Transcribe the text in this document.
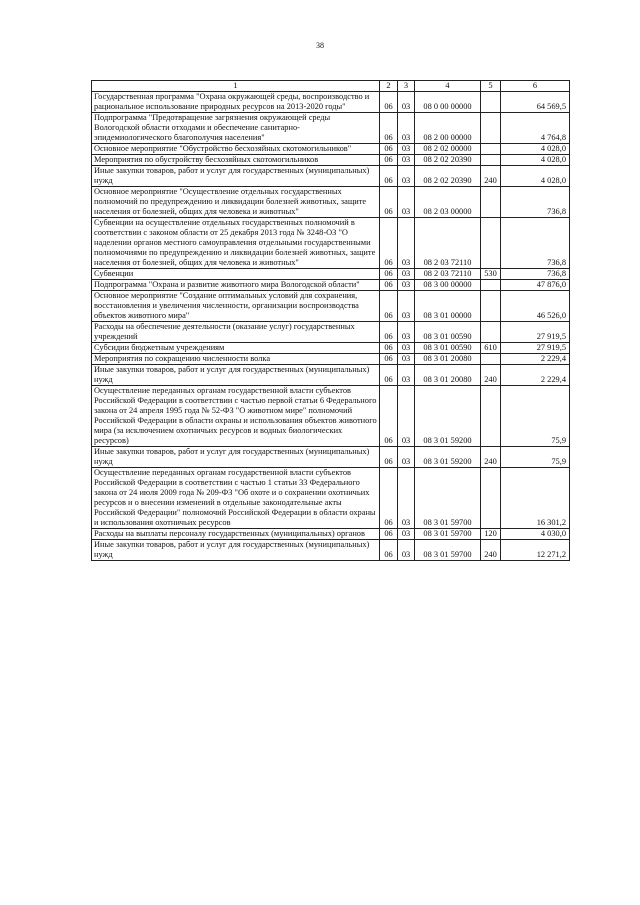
38
1	2	3	4	5	6
Государственная программа "Охрана окружающей среды, воспроизводство и рациональное использование природных ресурсов на 2013-2020 годы"	06	03	08 0 00 00000		64 569,5
Подпрограмма "Предотвращение загрязнения окружающей среды Вологодской области отходами и обеспечение санитарно-эпидемиологического благополучия населения"	06	03	08 2 00 00000		4 764,8
Основное мероприятие "Обустройство бесхозяйных скотомогильников"	06	03	08 2 02 00000		4 028,0
Мероприятия по обустройству бесхозяйных скотомогильников	06	03	08 2 02 20390		4 028,0
Иные закупки товаров, работ и услуг для государственных (муниципальных) нужд	06	03	08 2 02 20390	240	4 028,0
Основное мероприятие "Осуществление отдельных государственных полномочий по предупреждению и ликвидации болезней животных, защите населения от болезней, общих для человека и животных"	06	03	08 2 03 00000		736,8
Субвенции на осуществление отдельных государственных полномочий в соответствии с законом области от 25 декабря 2013 года № 3248-ОЗ "О наделении органов местного самоуправления отдельными государственными полномочиями по предупреждению и ликвидации болезней животных, защите населения от болезней, общих для человека и животных"	06	03	08 2 03 72110		736,8
Субвенции	06	03	08 2 03 72110	530	736,8
Подпрограмма "Охрана и развитие животного мира Вологодской области"	06	03	08 3 00 00000		47 876,0
Основное мероприятие "Создание оптимальных условий для сохранения, восстановления и увеличения численности, организации воспроизводства объектов животного мира"	06	03	08 3 01 00000		46 526,0
Расходы на обеспечение деятельности (оказание услуг) государственных учреждений	06	03	08 3 01 00590		27 919,5
Субсидии бюджетным учреждениям	06	03	08 3 01 00590	610	27 919,5
Мероприятия по сокращению численности волка	06	03	08 3 01 20080		2 229,4
Иные закупки товаров, работ и услуг для государственных (муниципальных) нужд	06	03	08 3 01 20080	240	2 229,4
Осуществление переданных органам государственной власти субъектов Российской Федерации в соответствии с частью первой статьи 6 Федерального закона от 24 апреля 1995 года № 52-ФЗ "О животном мире" полномочий Российской Федерации в области охраны и использования объектов животного мира (за исключением охотничьих ресурсов и водных биологических ресурсов)	06	03	08 3 01 59200		75,9
Иные закупки товаров, работ и услуг для государственных (муниципальных) нужд	06	03	08 3 01 59200	240	75,9
Осуществление переданных органам государственной власти субъектов Российской Федерации в соответствии с частью 1 статьи 33 Федерального закона от 24 июля 2009 года № 209-ФЗ "Об охоте и о сохранении охотничьих ресурсов и о внесении изменений в отдельные законодательные акты Российской Федерации" полномочий Российской Федерации в области охраны и использования охотничьих ресурсов	06	03	08 3 01 59700		16 301,2
Расходы на выплаты персоналу государственных (муниципальных) органов	06	03	08 3 01 59700	120	4 030,0
Иные закупки товаров, работ и услуг для государственных (муниципальных) нужд	06	03	08 3 01 59700	240	12 271,2
